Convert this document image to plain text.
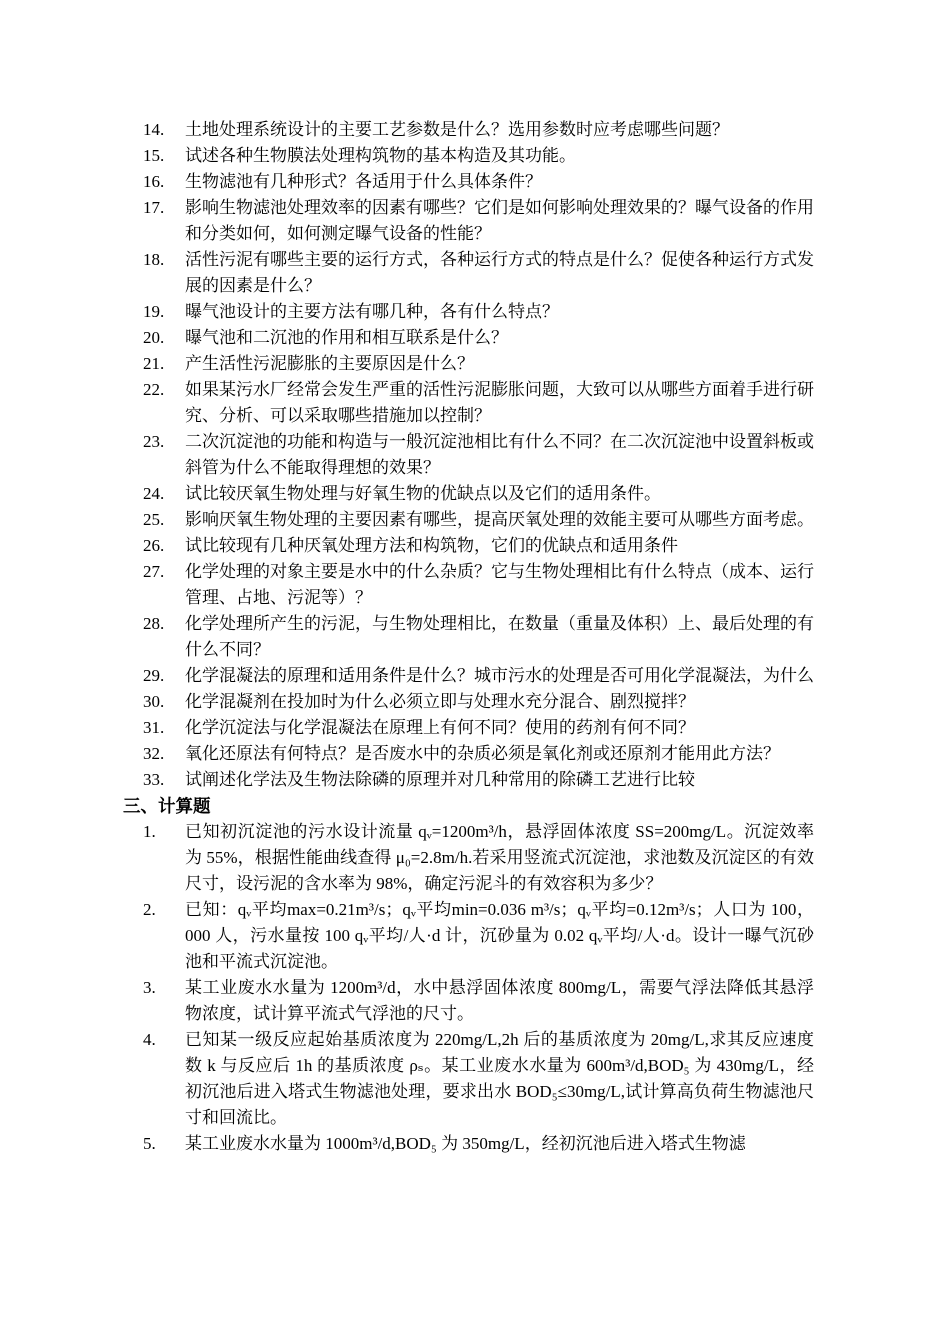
14.	土地处理系统设计的主要工艺参数是什么？选用参数时应考虑哪些问题？
15.	试述各种生物膜法处理构筑物的基本构造及其功能。
16.	生物滤池有几种形式？各适用于什么具体条件？
17.	影响生物滤池处理效率的因素有哪些？它们是如何影响处理效果的？曝气设备的作用和分类如何，如何测定曝气设备的性能？
18.	活性污泥有哪些主要的运行方式，各种运行方式的特点是什么？促使各种运行方式发展的因素是什么？
19.	曝气池设计的主要方法有哪几种，各有什么特点？
20.	曝气池和二沉池的作用和相互联系是什么？
21.	产生活性污泥膨胀的主要原因是什么？
22.	如果某污水厂经常会发生严重的活性污泥膨胀问题，大致可以从哪些方面着手进行研究、分析、可以采取哪些措施加以控制？
23.	二次沉淀池的功能和构造与一般沉淀池相比有什么不同？在二次沉淀池中设置斜板或斜管为什么不能取得理想的效果？
24.	试比较厌氧生物处理与好氧生物的优缺点以及它们的适用条件。
25.	影响厌氧生物处理的主要因素有哪些，提高厌氧处理的效能主要可从哪些方面考虑。
26.	试比较现有几种厌氧处理方法和构筑物，它们的优缺点和适用条件
27.	化学处理的对象主要是水中的什么杂质？它与生物处理相比有什么特点（成本、运行管理、占地、污泥等）？
28.	化学处理所产生的污泥，与生物处理相比，在数量（重量及体积）上、最后处理的有什么不同？
29.	化学混凝法的原理和适用条件是什么？城市污水的处理是否可用化学混凝法，为什么
30.	化学混凝剂在投加时为什么必须立即与处理水充分混合、剧烈搅拌？
31.	化学沉淀法与化学混凝法在原理上有何不同？使用的药剂有何不同？
32.	氧化还原法有何特点？是否废水中的杂质必须是氧化剂或还原剂才能用此方法？
33.	试阐述化学法及生物法除磷的原理并对几种常用的除磷工艺进行比较
三、计算题
1.	已知初沉淀池的污水设计流量 qᵥ=1200m³/h，悬浮固体浓度 SS=200mg/L。沉淀效率为 55%，根据性能曲线查得 μ₀=2.8m/h.若采用竖流式沉淀池，求池数及沉淀区的有效尺寸，设污泥的含水率为 98%，确定污泥斗的有效容积为多少？
2.	已知：qᵥ平均max=0.21m³/s；qᵥ平均min=0.036 m³/s；qᵥ平均=0.12m³/s；人口为 100，000 人，污水量按 100 qᵥ平均/人·d 计，沉砂量为 0.02 qᵥ平均/人·d。设计一曝气沉砂池和平流式沉淀池。
3.	某工业废水水量为 1200m³/d，水中悬浮固体浓度 800mg/L，需要气浮法降低其悬浮物浓度，试计算平流式气浮池的尺寸。
4.	已知某一级反应起始基质浓度为 220mg/L,2h 后的基质浓度为 20mg/L,求其反应速度数 k 与反应后 1h 的基质浓度 ρₛ。某工业废水水量为 600m³/d,BOD₅ 为 430mg/L，经初沉池后进入塔式生物滤池处理，要求出水 BOD₅≤30mg/L,试计算高负荷生物滤池尺寸和回流比。
5.	某工业废水水量为 1000m³/d,BOD₅ 为 350mg/L，经初沉池后进入塔式生物滤
